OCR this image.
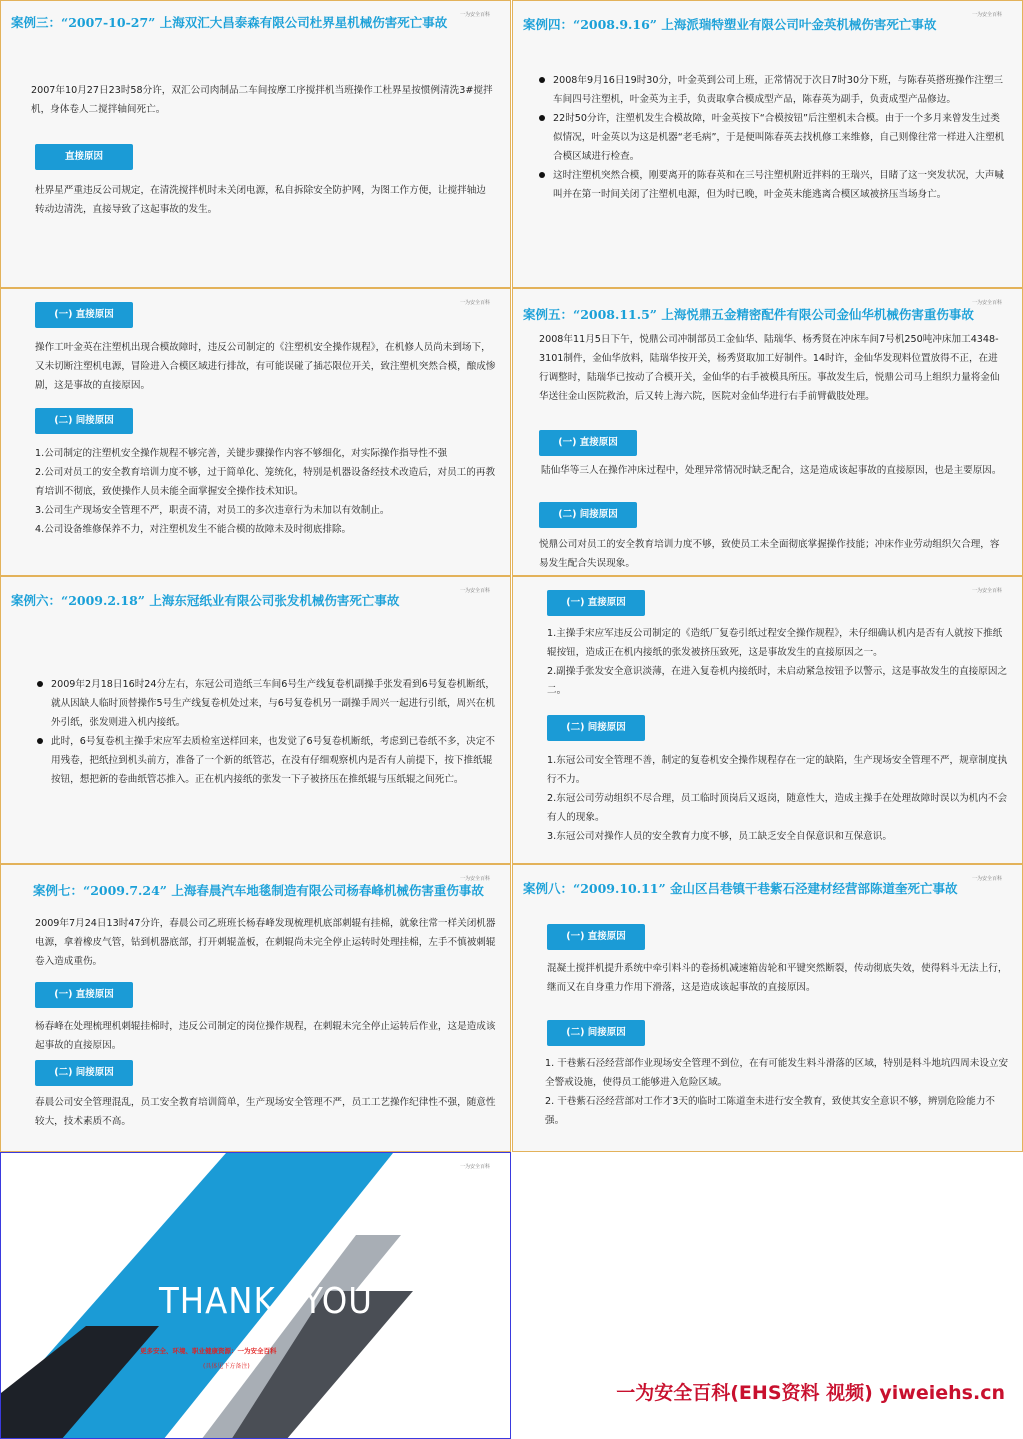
一为安全百科
案例三：“2007-10-27” 上海双汇大昌泰森有限公司杜界星机械伤害死亡事故
2007年10月27日23时58分许，双汇公司肉制品二车间按摩工序搅拌机当班操作工杜界星按惯例清洗3#搅拌机，身体卷人二搅拌轴间死亡。
直接原因
杜界星严重违反公司规定，在清洗搅拌机时未关闭电源，私自拆除安全防护网，为图工作方便，让搅拌轴边转动边清洗，直接导致了这起事故的发生。
一为安全百科
案例四：“2008.9.16” 上海派瑞特塑业有限公司叶金英机械伤害死亡事故
2008年9月16日19时30分，叶金英到公司上班，正常情况于次日7时30分下班，与陈春英搭班操作注塑三车间四号注塑机，叶金英为主手，负责取拿合模成型产品，陈春英为副手，负责成型产品修边。
22时50分许，注塑机发生合模故障，叶金英按下“合模按钮”后注塑机未合模。由于一个多月来曾发生过类似情况，叶金英以为这是机器“老毛病”，于是便叫陈春英去找机修工来维修，自己则像往常一样进入注塑机合模区域进行检查。
这时注塑机突然合模，刚要离开的陈春英和在三号注塑机附近拌料的王瑞兴，目睹了这一突发状况，大声喊叫并在第一时间关闭了注塑机电源，但为时已晚，叶金英未能逃离合模区域被挤压当场身亡。
一为安全百科
(一) 直接原因
操作工叶金英在注塑机出现合模故障时，违反公司制定的《注塑机安全操作规程》，在机修人员尚未到场下，又未切断注塑机电源，冒险进入合模区域进行排故，有可能误碰了插芯限位开关，致注塑机突然合模，酿成惨剧，这是事故的直接原因。
(二) 间接原因
1.公司制定的注塑机安全操作规程不够完善，关键步骤操作内容不够细化，对实际操作指导性不强
2.公司对员工的安全教育培训力度不够，过于简单化、笼统化，特别是机器设备经技术改造后，对员工的再教育培训不彻底，致使操作人员未能全面掌握安全操作技术知识。
3.公司生产现场安全管理不严，职责不清，对员工的多次违章行为未加以有效制止。
4.公司设备维修保养不力，对注塑机发生不能合模的故障未及时彻底排除。
一为安全百科
案例五：“2008.11.5” 上海悦鼎五金精密配件有限公司金仙华机械伤害重伤事故
2008年11月5日下午，悦鼎公司冲制部员工金仙华、陆瑞华、杨秀贤在冲床车间7号机250吨冲床加工4348-3101制件，金仙华放料，陆瑞华按开关，杨秀贤取加工好制件。14时许，金仙华发现料位置放得不正，在进行调整时，陆瑞华已按动了合模开关，金仙华的右手被模具所压。事故发生后，悦鼎公司马上组织力量将金仙华送往金山医院救治，后又转上海六院，医院对金仙华进行右手前臂截肢处理。
(一) 直接原因
陆仙华等三人在操作冲床过程中，处理异常情况时缺乏配合，这是造成该起事故的直接原因，也是主要原因。
(二) 间接原因
悦鼎公司对员工的安全教育培训力度不够，致使员工未全面彻底掌握操作技能；冲床作业劳动组织欠合理，容易发生配合失误现象。
一为安全百科
案例六：“2009.2.18” 上海东冠纸业有限公司张发机械伤害死亡事故
2009年2月18日16时24分左右，东冠公司造纸三车间6号生产线复卷机副操手张发看到6号复卷机断纸，就从因缺人临时顶替操作5号生产线复卷机处过来，与6号复卷机另一副操手周兴一起进行引纸，周兴在机外引纸，张发则进入机内接纸。
此时，6号复卷机主操手宋应军去质检室送样回来，也发觉了6号复卷机断纸，考虑到已卷纸不多，决定不用残卷，把纸拉到机头前方，准备了一个新的纸管芯，在没有仔细观察机内是否有人前提下，按下推纸辊按钮，想把新的卷曲纸管芯推入。正在机内接纸的张发一下子被挤压在推纸辊与压纸辊之间死亡。
一为安全百科
(一) 直接原因
1.主操手宋应军违反公司制定的《造纸厂复卷引纸过程安全操作规程》，未仔细确认机内是否有人就按下推纸辊按钮，造成正在机内接纸的张发被挤压致死，这是事故发生的直接原因之一。
2.副操手张发安全意识淡薄，在进入复卷机内接纸时，未启动紧急按钮予以警示，这是事故发生的直接原因之二。
(二) 间接原因
1.东冠公司安全管理不善，制定的复卷机安全操作规程存在一定的缺陷，生产现场安全管理不严，规章制度执行不力。
2.东冠公司劳动组织不尽合理，员工临时顶岗后又返岗，随意性大，造成主操手在处理故障时误以为机内不会有人的现象。
3.东冠公司对操作人员的安全教育力度不够，员工缺乏安全自保意识和互保意识。
一为安全百科
案例七：“2009.7.24” 上海春晨汽车地毯制造有限公司杨春峰机械伤害重伤事故
2009年7月24日13时47分许，春晨公司乙班班长杨春峰发现梳理机底部刺辊有挂棉，就象往常一样关闭机器电源，拿着橡皮气管，钻到机器底部，打开刺辊盖板，在刺辊尚未完全停止运转时处理挂棉，左手不慎被刺辊卷入造成重伤。
(一) 直接原因
杨春峰在处理梳理机刺辊挂棉时，违反公司制定的岗位操作规程，在刺辊未完全停止运转后作业，这是造成该起事故的直接原因。
(二) 间接原因
春晨公司安全管理混乱，员工安全教育培训简单，生产现场安全管理不严，员工工艺操作纪律性不强，随意性较大，技术素质不高。
一为安全百科
案例八：“2009.10.11” 金山区吕巷镇干巷紫石泾建材经营部陈道奎死亡事故
(一) 直接原因
混凝土搅拌机提升系统中牵引料斗的卷扬机减速箱齿轮和平键突然断裂，传动彻底失效，使得料斗无法上行，继而又在自身重力作用下滑落，这是造成该起事故的直接原因。
(二) 间接原因
1. 干巷紫石泾经营部作业现场安全管理不到位，在有可能发生料斗滑落的区域，特别是料斗地坑四周未设立安全警戒设施，使得员工能够进入危险区域。
2. 干巷紫石泾经营部对工作才3天的临时工陈道奎未进行安全教育，致使其安全意识不够，辨别危险能力不强。
一为安全百科
THANK YOU
更多安全、环境、职业健康资源：一为安全百科
(具体见下方备注)
一为安全百科(EHS资料 视频) yiweiehs.cn
